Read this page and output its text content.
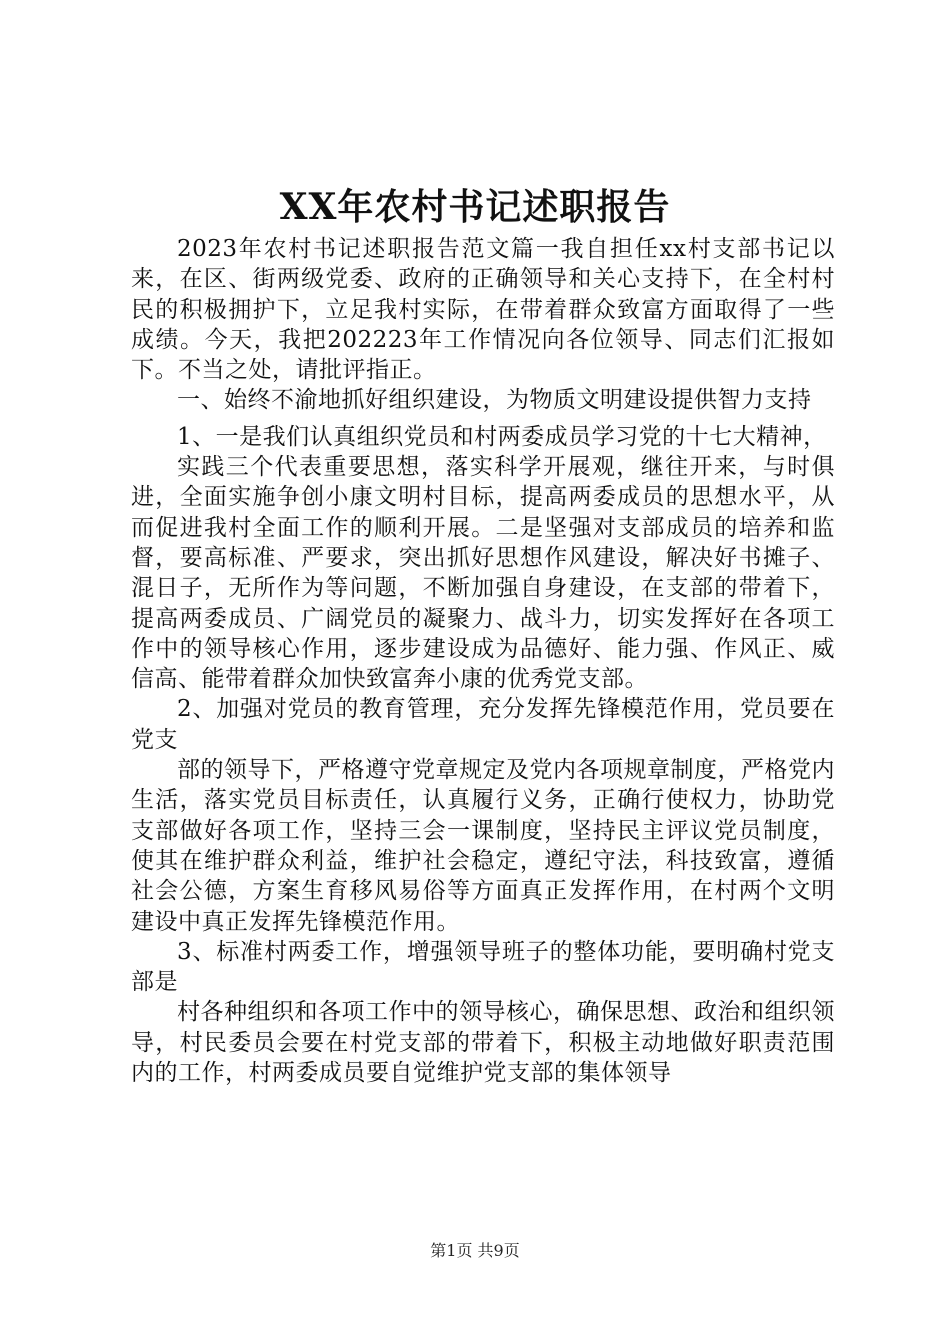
XX年农村书记述职报告

2023年农村书记述职报告范文篇一我自担任xx村支部书记以来，在区、街两级党委、政府的正确领导和关心支持下，在全村村民的积极拥护下，立足我村实际，在带着群众致富方面取得了一些成绩。今天，我把202223年工作情况向各位领导、同志们汇报如下。不当之处，请批评指正。

一、始终不渝地抓好组织建设，为物质文明建设提供智力支持

1、一是我们认真组织党员和村两委成员学习党的十七大精神，

实践三个代表重要思想，落实科学开展观，继往开来，与时俱进，全面实施争创小康文明村目标，提高两委成员的思想水平，从而促进我村全面工作的顺利开展。二是坚强对支部成员的培养和监督，要高标准、严要求，突出抓好思想作风建设，解决好书摊子、混日子，无所作为等问题，不断加强自身建设，在支部的带着下，提高两委成员、广阔党员的凝聚力、战斗力，切实发挥好在各项工作中的领导核心作用，逐步建设成为品德好、能力强、作风正、威信高、能带着群众加快致富奔小康的优秀党支部。

2、加强对党员的教育管理，充分发挥先锋模范作用，党员要在党支

部的领导下，严格遵守党章规定及党内各项规章制度，严格党内生活，落实党员目标责任，认真履行义务，正确行使权力，协助党支部做好各项工作，坚持三会一课制度，坚持民主评议党员制度，使其在维护群众利益，维护社会稳定，遵纪守法，科技致富，遵循社会公德，方案生育移风易俗等方面真正发挥作用，在村两个文明建设中真正发挥先锋模范作用。

3、标准村两委工作，增强领导班子的整体功能，要明确村党支部是

村各种组织和各项工作中的领导核心，确保思想、政治和组织领导，村民委员会要在村党支部的带着下，积极主动地做好职责范围内的工作，村两委成员要自觉维护党支部的集体领导

第1页 共9页
